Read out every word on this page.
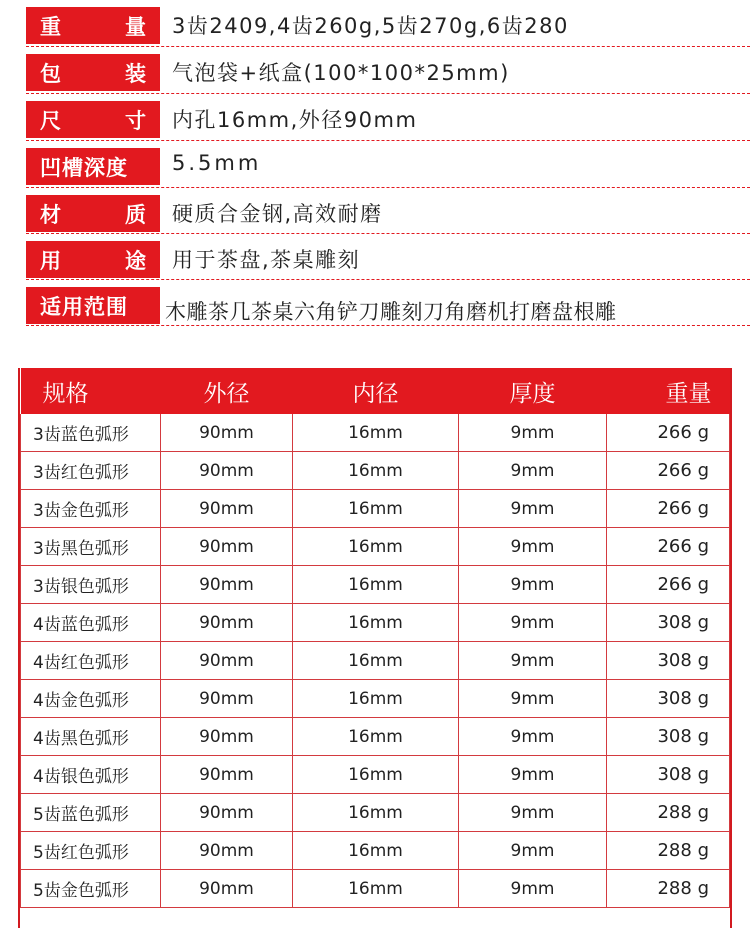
重	量 3齿2409,4齿260g,5齿270g,6齿280
包	装 气泡袋+纸盒(100*100*25mm)
尺	寸 内孔16mm,外径90mm
凹槽深度	5.5mm
材	质 硬质合金钢,高效耐磨
用	途 用于茶盘,茶桌雕刻
适用范围	木雕茶几茶桌六角铲刀雕刻刀角磨机打磨盘根雕
规格	外径	内径	厚度	重量
3齿蓝色弧形	90mm	16mm	9mm	266 g
3齿红色弧形	90mm	16mm	9mm	266 g
3齿金色弧形	90mm	16mm	9mm	266 g
3齿黑色弧形	90mm	16mm	9mm	266 g
3齿银色弧形	90mm	16mm	9mm	266 g
4齿蓝色弧形	90mm	16mm	9mm	308 g
4齿红色弧形	90mm	16mm	9mm	308 g
4齿金色弧形	90mm	16mm	9mm	308 g
4齿黑色弧形	90mm	16mm	9mm	308 g
4齿银色弧形	90mm	16mm	9mm	308 g
5齿蓝色弧形	90mm	16mm	9mm	288 g
5齿红色弧形	90mm	16mm	9mm	288 g
5齿金色弧形	90mm	16mm	9mm	288 g
